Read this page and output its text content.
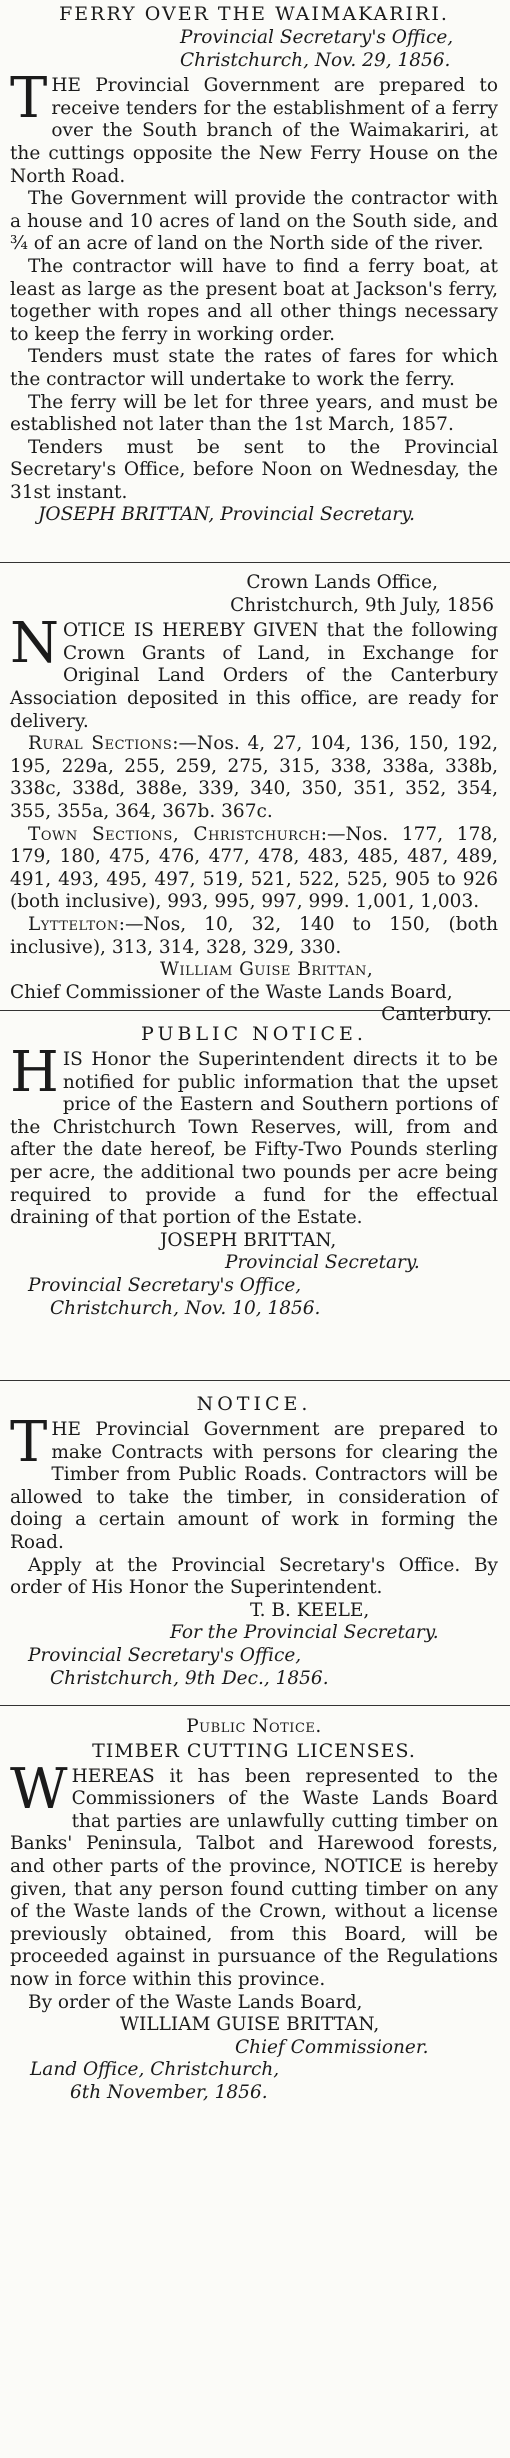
FERRY OVER THE WAIMAKARIRI.
Provincial Secretary's Office,
Christchurch, Nov. 29, 1856.

THE Provincial Government are prepared to receive tenders for the establishment of a ferry over the South branch of the Waimakariri, at the cuttings opposite the New Ferry House on the North Road.

The Government will provide the contractor with a house and 10 acres of land on the South side, and ¾ of an acre of land on the North side of the river.

The contractor will have to find a ferry boat, at least as large as the present boat at Jackson's ferry, together with ropes and all other things necessary to keep the ferry in working order.

Tenders must state the rates of fares for which the contractor will undertake to work the ferry.

The ferry will be let for three years, and must be established not later than the 1st March, 1857.

Tenders must be sent to the Provincial Secretary's Office, before Noon on Wednesday, the 31st instant.

JOSEPH BRITTAN, Provincial Secretary.
Crown Lands Office,
Christchurch, 9th July, 1856

NOTICE IS HEREBY GIVEN that the following Crown Grants of Land, in Exchange for Original Land Orders of the Canterbury Association deposited in this office, are ready for delivery.

Rural Sections:—Nos. 4, 27, 104, 136, 150, 192, 195, 229a, 255, 259, 275, 315, 338, 338a, 338b, 338c, 338d, 388e, 339, 340, 350, 351, 352, 354, 355, 355a, 364, 367b. 367c.

Town Sections, Christchurch:—Nos. 177, 178, 179, 180, 475, 476, 477, 478, 483, 485, 487, 489, 491, 493, 495, 497, 519, 521, 522, 525, 905 to 926 (both inclusive), 993, 995, 997, 999. 1,001, 1,003.

Lyttelton:—Nos, 10, 32, 140 to 150, (both inclusive), 313, 314, 328, 329, 330.

William Guise Brittan,
Chief Commissioner of the Waste Lands Board,
Canterbury.
PUBLIC NOTICE.

HIS Honor the Superintendent directs it to be notified for public information that the upset price of the Eastern and Southern portions of the Christchurch Town Reserves, will, from and after the date hereof, be Fifty-Two Pounds sterling per acre, the additional two pounds per acre being required to provide a fund for the effectual draining of that portion of the Estate.

JOSEPH BRITTAN,
Provincial Secretary.
Provincial Secretary's Office,
Christchurch, Nov. 10, 1856.
NOTICE.

THE Provincial Government are prepared to make Contracts with persons for clearing the Timber from Public Roads. Contractors will be allowed to take the timber, in consideration of doing a certain amount of work in forming the Road.

Apply at the Provincial Secretary's Office. By order of His Honor the Superintendent.

T. B. KEELE,
For the Provincial Secretary.
Provincial Secretary's Office,
Christchurch, 9th Dec., 1856.
Public Notice.
TIMBER CUTTING LICENSES.

WHEREAS it has been represented to the Commissioners of the Waste Lands Board that parties are unlawfully cutting timber on Banks' Peninsula, Talbot and Harewood forests, and other parts of the province, NOTICE is hereby given, that any person found cutting timber on any of the Waste lands of the Crown, without a license previously obtained, from this Board, will be proceeded against in pursuance of the Regulations now in force within this province.

By order of the Waste Lands Board,

WILLIAM GUISE BRITTAN,
Chief Commissioner.
Land Office, Christchurch,
6th November, 1856.
